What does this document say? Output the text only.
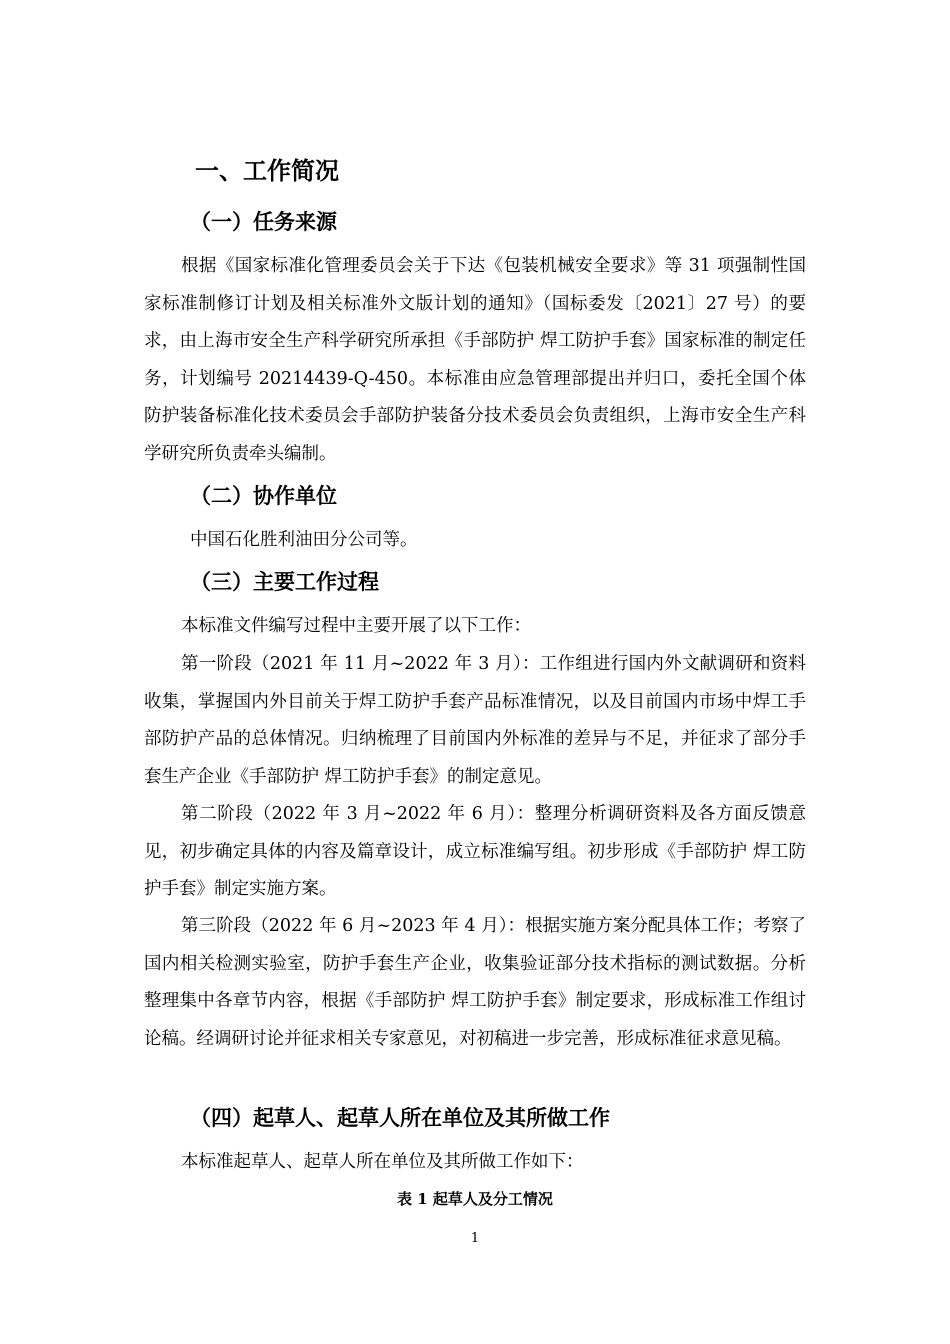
一、工作简况
（一）任务来源

根据《国家标准化管理委员会关于下达《包装机械安全要求》等 31 项强制性国家标准制修订计划及相关标准外文版计划的通知》（国标委发〔2021〕27 号）的要求，由上海市安全生产科学研究所承担《手部防护 焊工防护手套》国家标准的制定任务，计划编号 20214439-Q-450。本标准由应急管理部提出并归口，委托全国个体防护装备标准化技术委员会手部防护装备分技术委员会负责组织，上海市安全生产科学研究所负责牵头编制。

（二）协作单位

中国石化胜利油田分公司等。

（三）主要工作过程

本标准文件编写过程中主要开展了以下工作：

第一阶段（2021 年 11 月~2022 年 3 月）：工作组进行国内外文献调研和资料收集，掌握国内外目前关于焊工防护手套产品标准情况，以及目前国内市场中焊工手部防护产品的总体情况。归纳梳理了目前国内外标准的差异与不足，并征求了部分手套生产企业《手部防护 焊工防护手套》的制定意见。

第二阶段（2022 年 3 月~2022 年 6 月）：整理分析调研资料及各方面反馈意见，初步确定具体的内容及篇章设计，成立标准编写组。初步形成《手部防护 焊工防护手套》制定实施方案。

第三阶段（2022 年 6 月~2023 年 4 月）：根据实施方案分配具体工作；考察了国内相关检测实验室，防护手套生产企业，收集验证部分技术指标的测试数据。分析整理集中各章节内容，根据《手部防护 焊工防护手套》制定要求，形成标准工作组讨论稿。经调研讨论并征求相关专家意见，对初稿进一步完善，形成标准征求意见稿。

（四）起草人、起草人所在单位及其所做工作

本标准起草人、起草人所在单位及其所做工作如下：

表 1 起草人及分工情况
1
